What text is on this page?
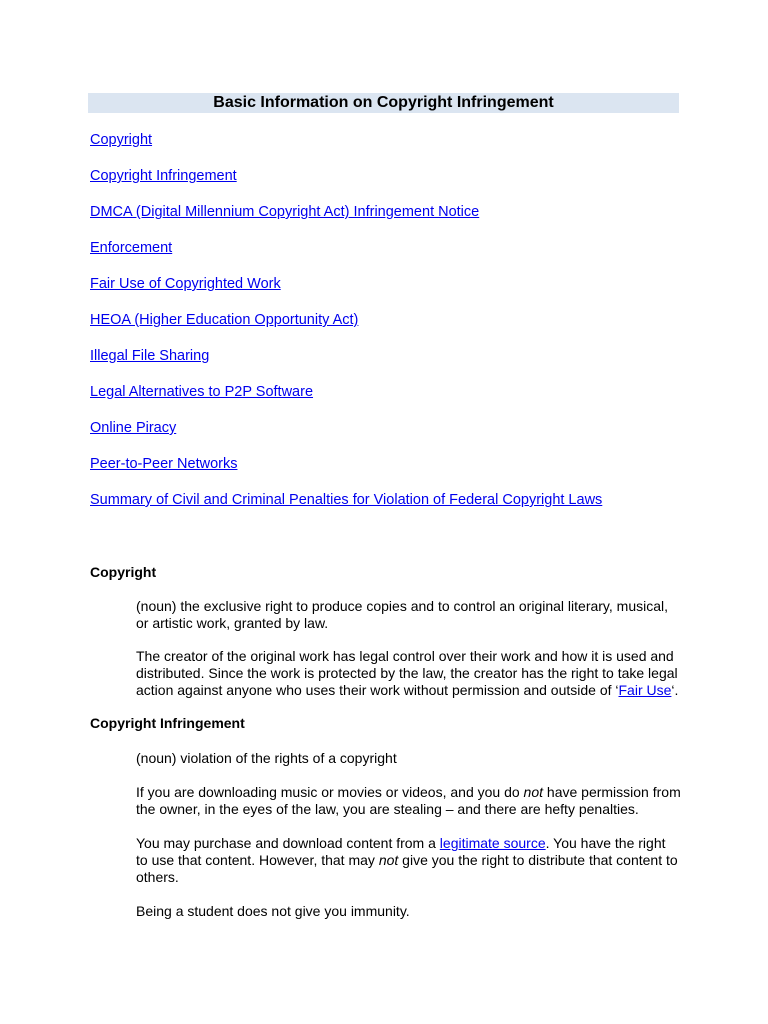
Basic Information on Copyright Infringement
Copyright
Copyright Infringement
DMCA (Digital Millennium Copyright Act) Infringement Notice
Enforcement
Fair Use of Copyrighted Work
HEOA (Higher Education Opportunity Act)
Illegal File Sharing
Legal Alternatives to P2P Software
Online Piracy
Peer-to-Peer Networks
Summary of Civil and Criminal Penalties for Violation of Federal Copyright Laws
Copyright

(noun) the exclusive right to produce copies and to control an original literary, musical, or artistic work, granted by law.

The creator of the original work has legal control over their work and how it is used and distributed. Since the work is protected by the law, the creator has the right to take legal action against anyone who uses their work without permission and outside of ‘Fair Use‘.

Copyright Infringement

(noun) violation of the rights of a copyright

If you are downloading music or movies or videos, and you do not have permission from the owner, in the eyes of the law, you are stealing – and there are hefty penalties.

You may purchase and download content from a legitimate source. You have the right to use that content. However, that may not give you the right to distribute that content to others.

Being a student does not give you immunity.
